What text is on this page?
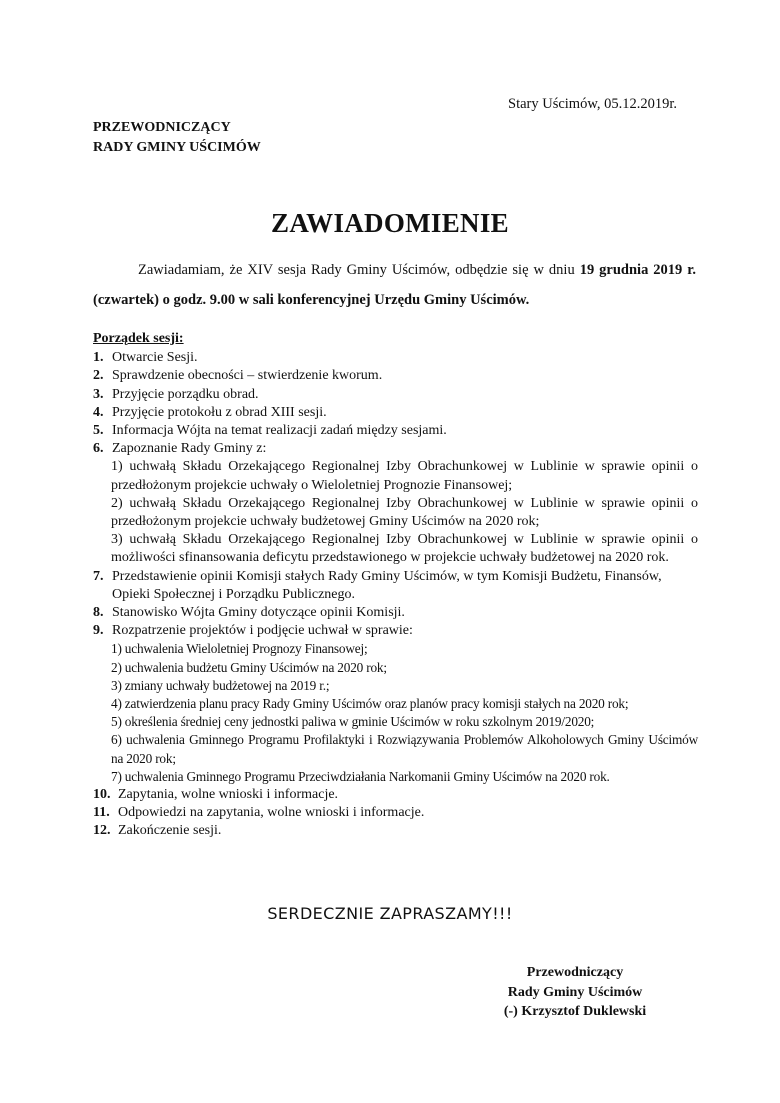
Stary Uścimów, 05.12.2019r.
PRZEWODNICZĄCY
RADY GMINY UŚCIMÓW
ZAWIADOMIENIE
Zawiadamiam, że XIV sesja Rady Gminy Uścimów, odbędzie się w dniu 19 grudnia 2019 r.
(czwartek) o godz. 9.00 w sali konferencyjnej Urzędu Gminy Uścimów.
Porządek sesji:
1. Otwarcie Sesji.
2. Sprawdzenie obecności – stwierdzenie kworum.
3. Przyjęcie porządku obrad.
4. Przyjęcie protokołu z obrad XIII sesji.
5. Informacja Wójta na temat realizacji zadań między sesjami.
6. Zapoznanie Rady Gminy z:
1) uchwałą Składu Orzekającego Regionalnej Izby Obrachunkowej w Lublinie w sprawie opinii o przedłożonym projekcie uchwały o Wieloletniej Prognozie Finansowej;
2) uchwałą Składu Orzekającego Regionalnej Izby Obrachunkowej w Lublinie w sprawie opinii o przedłożonym projekcie uchwały budżetowej Gminy Uścimów na 2020 rok;
3) uchwałą Składu Orzekającego Regionalnej Izby Obrachunkowej w Lublinie w sprawie opinii o możliwości sfinansowania deficytu przedstawionego w projekcie uchwały budżetowej na 2020 rok.
7. Przedstawienie opinii Komisji stałych Rady Gminy Uścimów, w tym Komisji Budżetu, Finansów, Opieki Społecznej i Porządku Publicznego.
8. Stanowisko Wójta Gminy dotyczące opinii Komisji.
9. Rozpatrzenie projektów i podjęcie uchwał w sprawie:
1) uchwalenia Wieloletniej Prognozy Finansowej;
2) uchwalenia budżetu Gminy Uścimów na 2020 rok;
3) zmiany uchwały budżetowej na 2019 r.;
4) zatwierdzenia planu pracy Rady Gminy Uścimów oraz planów pracy komisji stałych na 2020 rok;
5) określenia średniej ceny jednostki paliwa w gminie Uścimów w roku szkolnym 2019/2020;
6) uchwalenia Gminnego Programu Profilaktyki i Rozwiązywania Problemów Alkoholowych Gminy Uścimów na 2020 rok;
7) uchwalenia Gminnego Programu Przeciwdziałania Narkomanii Gminy Uścimów na 2020 rok.
10. Zapytania, wolne wnioski i informacje.
11. Odpowiedzi na zapytania, wolne wnioski i informacje.
12. Zakończenie sesji.
SERDECZNIE ZAPRASZAMY!!!
Przewodniczący
Rady Gminy Uścimów
(-) Krzysztof Duklewski
